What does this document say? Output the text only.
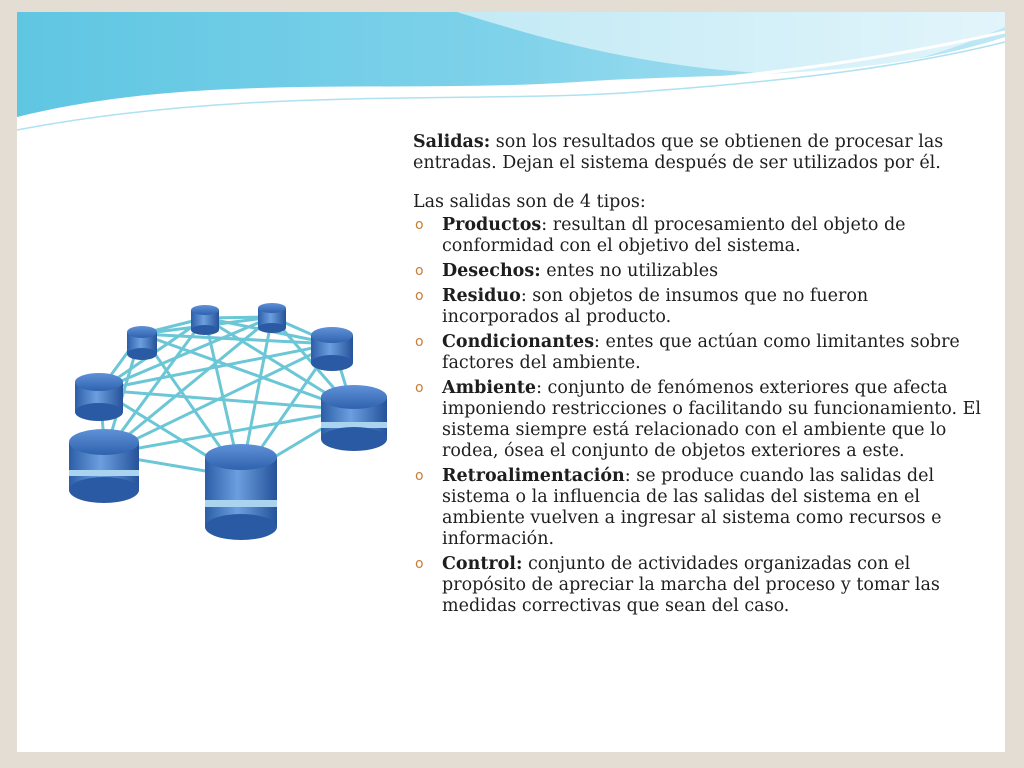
Salidas: son los resultados que se obtienen de procesar las entradas. Dejan el sistema después de ser utilizados por él.

Las salidas son de 4 tipos:

o Productos: resultan dl procesamiento del objeto de conformidad con el objetivo del sistema.
o Desechos: entes no utilizables
o Residuo: son objetos de insumos que no fueron incorporados al producto.
o Condicionantes: entes que actúan como limitantes sobre factores del ambiente.
o Ambiente: conjunto de fenómenos exteriores que afecta imponiendo restricciones o facilitando su funcionamiento. El sistema siempre está relacionado con el ambiente que lo rodea, ósea el conjunto de objetos exteriores a este.
o Retroalimentación: se produce cuando las salidas del sistema o la influencia de las salidas del sistema en el ambiente vuelven a ingresar al sistema como recursos e información.
o Control: conjunto de actividades organizadas con el propósito de apreciar la marcha del proceso y tomar las medidas correctivas que sean del caso.
